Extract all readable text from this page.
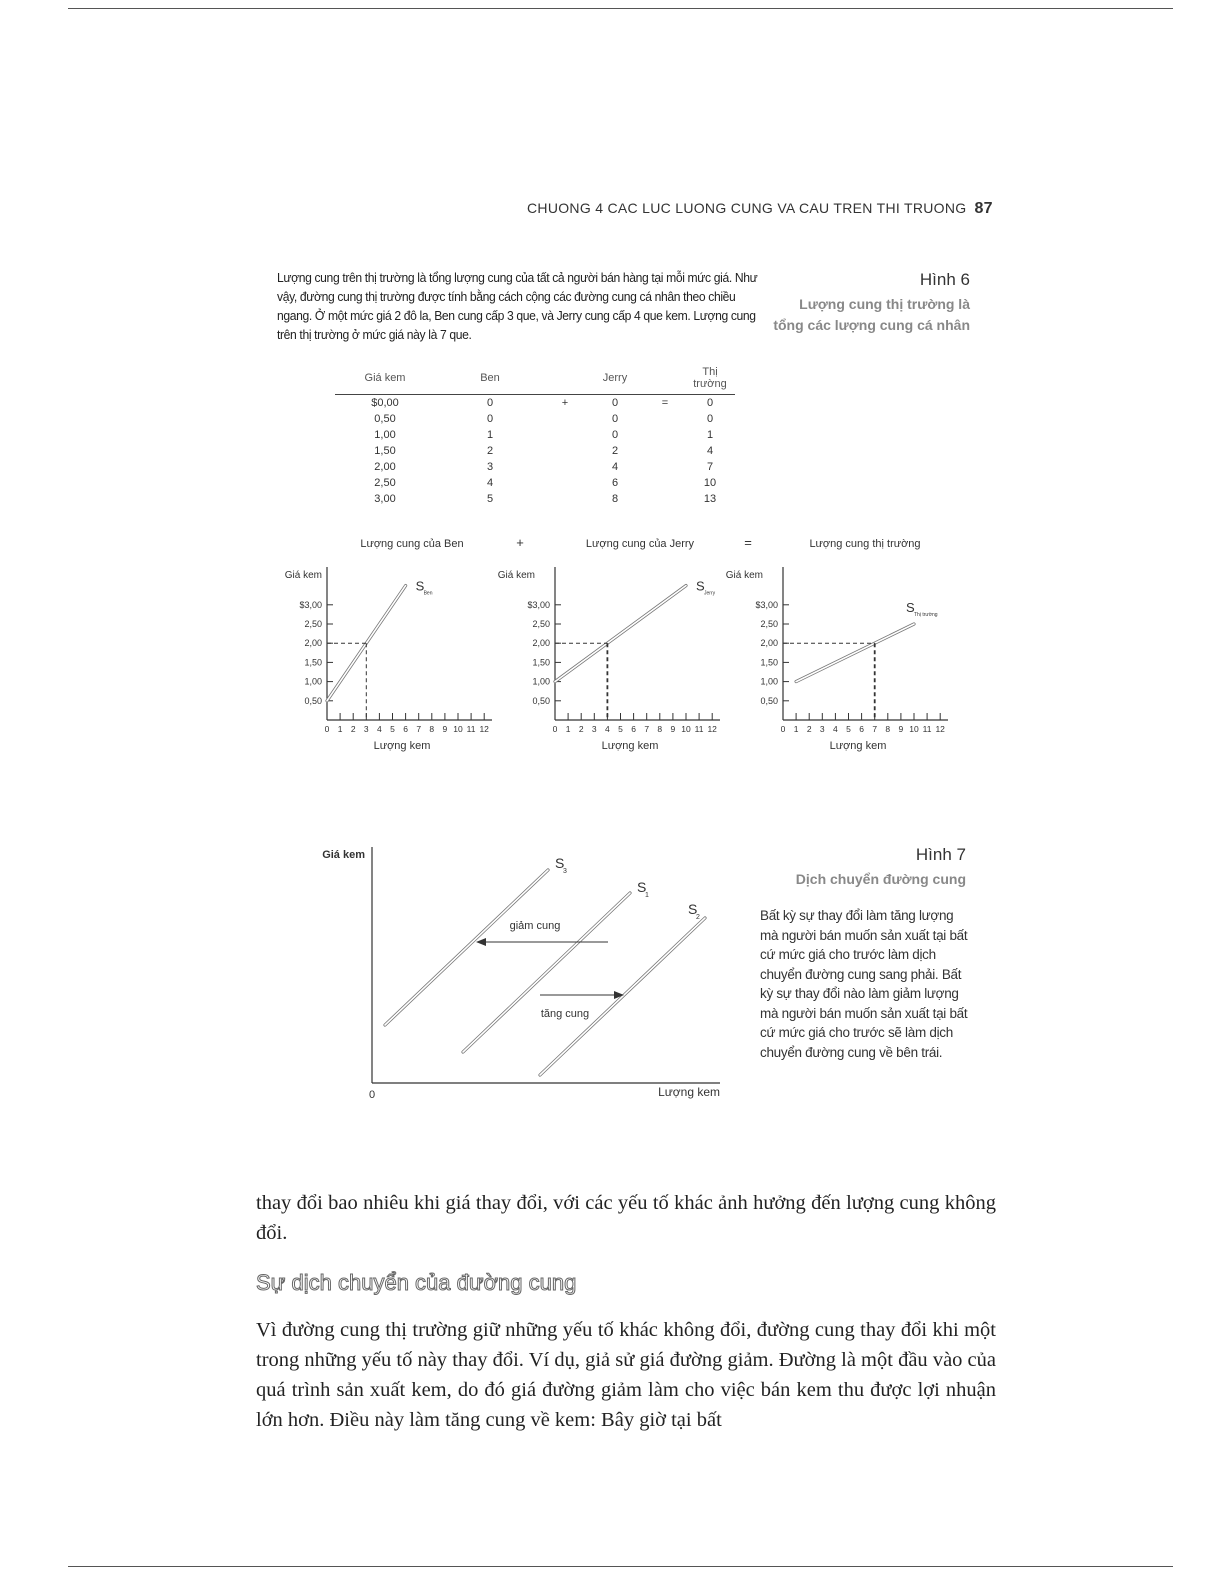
CHUONG 4 CAC LUC LUONG CUNG VA CAU TREN THI TRUONG 87
Lượng cung trên thị trường là tổng lượng cung của tất cả người bán hàng tại mỗi mức giá. Như vậy, đường cung thị trường được tính bằng cách cộng các đường cung cá nhân theo chiều ngang. Ở một mức giá 2 đô la, Ben cung cấp 3 que, và Jerry cung cấp 4 que kem. Lượng cung trên thị trường ở mức giá này là 7 que.
Hình 6
Lượng cung thị trường là
tổng các lượng cung cá nhân
Giá kem	Ben		Jerry		Thị trường
$0,00	0	+	0	=	0
0,50	0		0		0
1,00	1		0		1
1,50	2		2		4
2,00	3		4		7
2,50	4		6		10
3,00	5		8		13
Lượng cung của Ben
Giá kem
0 1 2 3 4 5 6 7 8 9 10 11 12
0,50
1,00
1,50
2,00
2,50
$3,00
S Ben
Lượng kem
Lượng cung của Jerry
Giá kem
0 1 2 3 4 5 6 7 8 9 10 11 12
0,50
1,00
1,50
2,00
2,50
$3,00
S Jerry
Lượng kem
Lượng cung thị trường
Giá kem
0 1 2 3 4 5 6 7 8 9 10 11 12
0,50
1,00
1,50
2,00
2,50
$3,00	S Thị trường
Lượng kem
+	=
Giá kem
Lượng kem
0
S
3
S
1
S
2
giảm cung
tăng cung
Hình 7
Dịch chuyển đường cung
Bất kỳ sự thay đổi làm tăng lượng mà người bán muốn sản xuất tại bất cứ mức giá cho trước làm dịch chuyển đường cung sang phải. Bất kỳ sự thay đổi nào làm giảm lượng mà người bán muốn sản xuất tại bất cứ mức giá cho trước sẽ làm dịch chuyển đường cung về bên trái.
thay đổi bao nhiêu khi giá thay đổi, với các yếu tố khác ảnh hưởng đến lượng cung không đổi.
Sự dịch chuyển của đường cung
Vì đường cung thị trường giữ những yếu tố khác không đổi, đường cung thay đổi khi một trong những yếu tố này thay đổi. Ví dụ, giả sử giá đường giảm. Đường là một đầu vào của quá trình sản xuất kem, do đó giá đường giảm làm cho việc bán kem thu được lợi nhuận lớn hơn. Điều này làm tăng cung về kem: Bây giờ tại bất
